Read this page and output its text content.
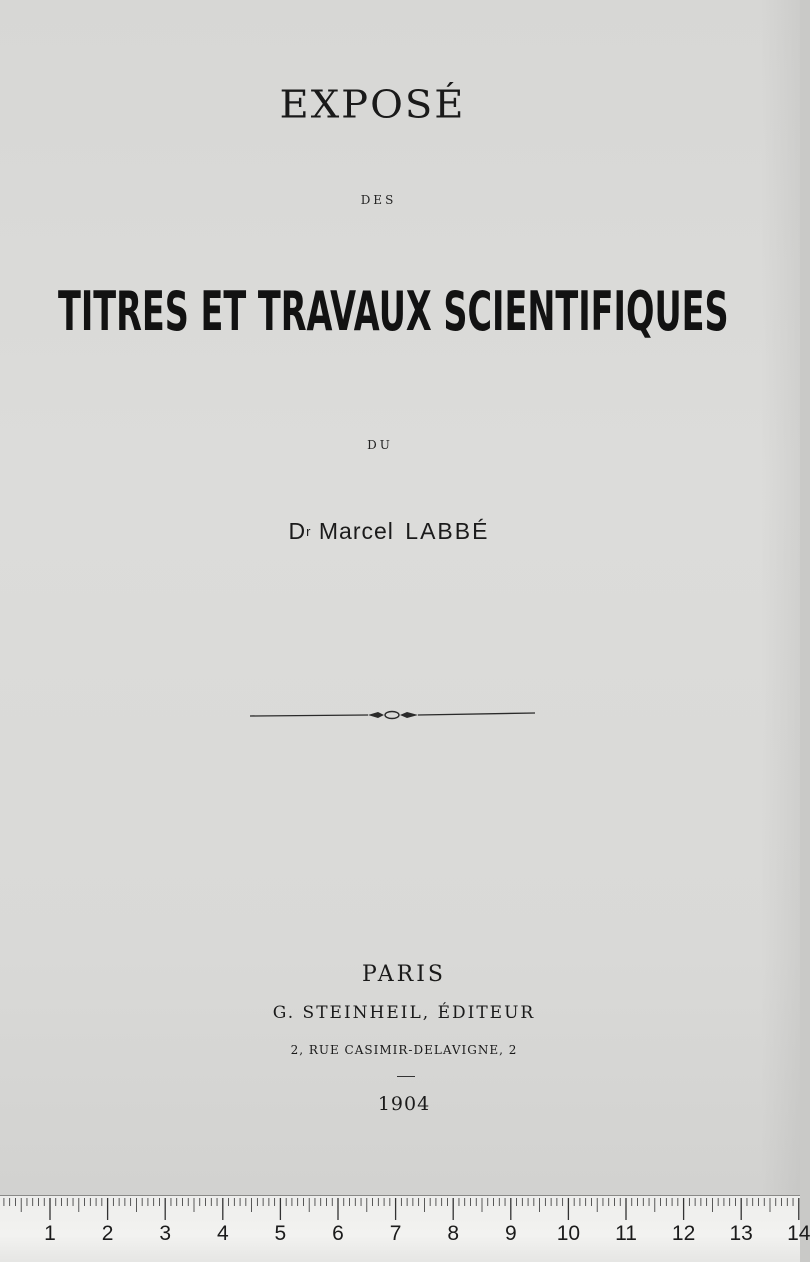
EXPOSÉ
DES
TITRES ET TRAVAUX SCIENTIFIQUES
DU
$D^r$ Marcel LABBÉ
PARIS
G. STEINHEIL, ÉDITEUR
2, RUE CASIMIR-DELAVIGNE, 2
1904
1 2 3 4 5 6 7 8 9 10 11 12 13 14
